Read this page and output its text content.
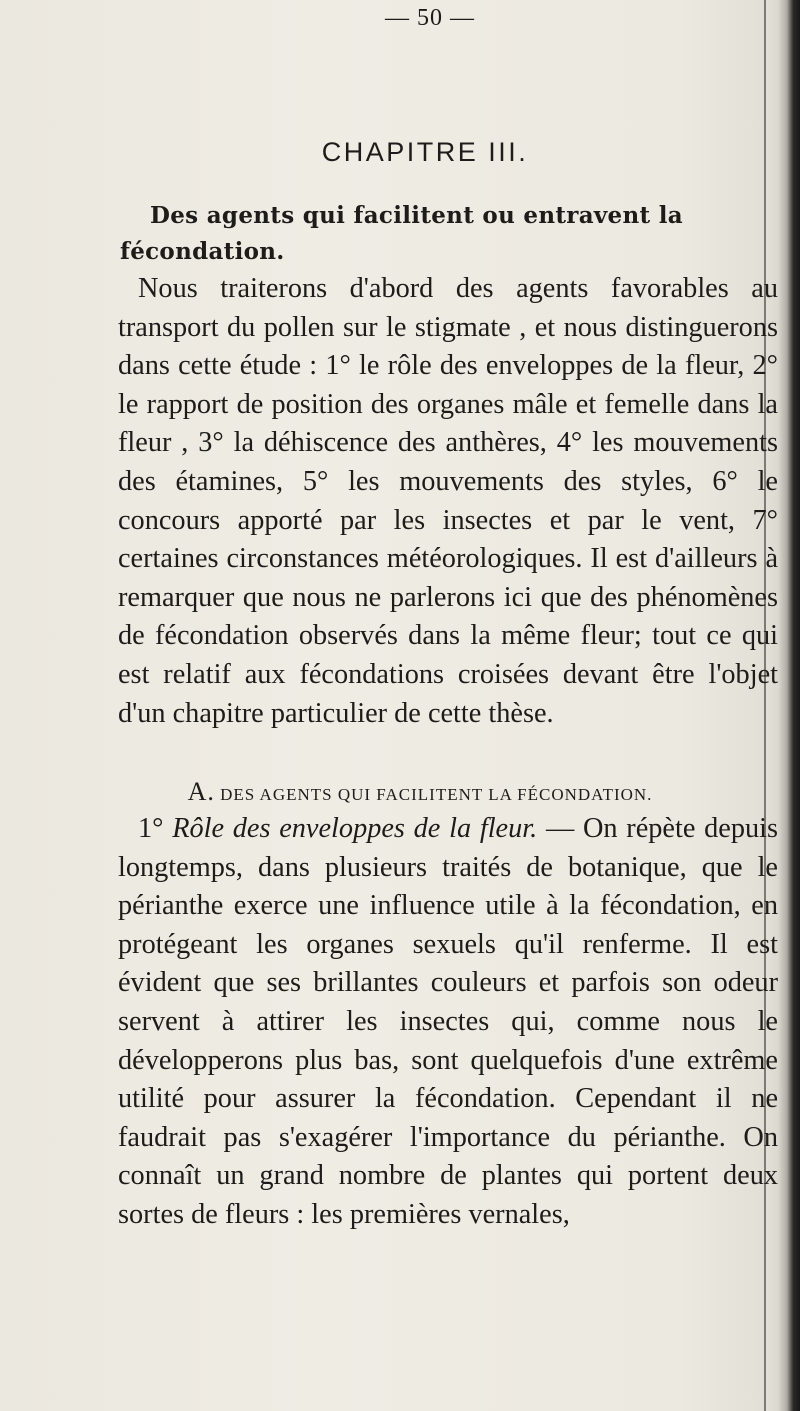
— 50 —
CHAPITRE III.
Des agents qui facilitent ou entravent la fécondation.

Nous traiterons d'abord des agents favorables au transport du pollen sur le stigmate , et nous distinguerons dans cette étude : 1° le rôle des enveloppes de la fleur, 2° le rapport de position des organes mâle et femelle dans la fleur , 3° la déhiscence des anthères, 4° les mouvements des étamines, 5° les mouvements des styles, 6° le concours apporté par les insectes et par le vent, 7° certaines circonstances météorologiques. Il est d'ailleurs à remarquer que nous ne parlerons ici que des phénomènes de fécondation observés dans la même fleur; tout ce qui est relatif aux fécondations croisées devant être l'objet d'un chapitre particulier de cette thèse.

A. DES AGENTS QUI FACILITENT LA FÉCONDATION.

1° Rôle des enveloppes de la fleur. — On répète depuis longtemps, dans plusieurs traités de botanique, que le périanthe exerce une influence utile à la fécondation, en protégeant les organes sexuels qu'il renferme. Il est évident que ses brillantes couleurs et parfois son odeur servent à attirer les insectes qui, comme nous le développerons plus bas, sont quelquefois d'une extrême utilité pour assurer la fécondation. Cependant il ne faudrait pas s'exagérer l'importance du périanthe. On connaît un grand nombre de plantes qui portent deux sortes de fleurs : les premières vernales,
